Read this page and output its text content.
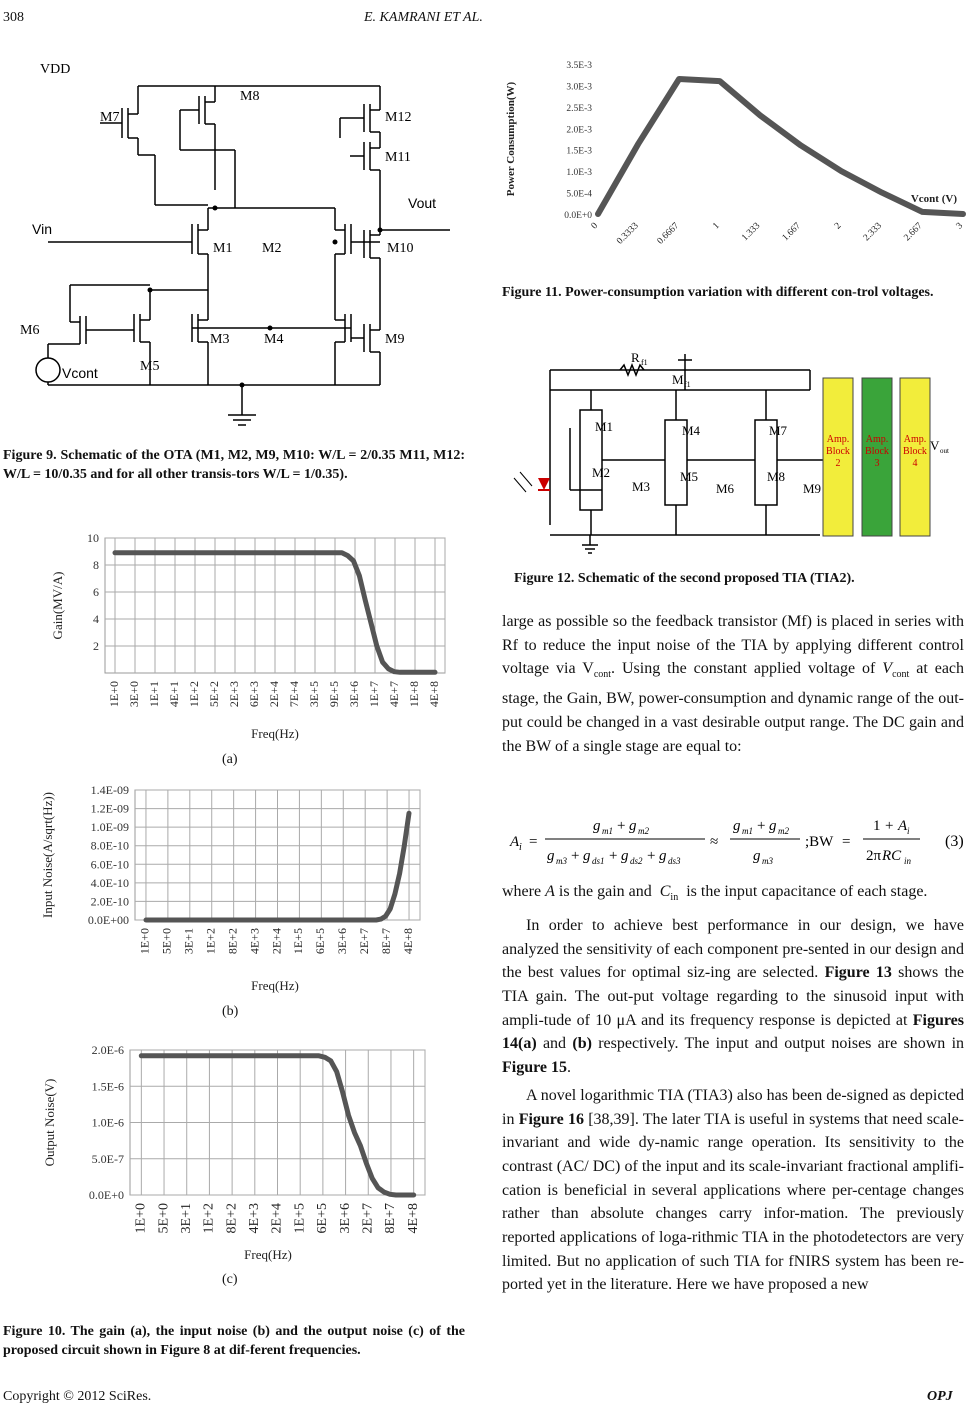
308	E. KAMRANI ET AL.
VDD
M7
M8
M12
M11
Vout
Vin
M1 M2	M10
M6
M3 M4	M9
M5
Vcont
Figure 9. Schematic of the OTA (M1, M2, M9, M10: W/L = 2/0.35 M11, M12: W/L = 10/0.35 and for all other transis-tors W/L = 1/0.35).
2
4
6
8
10
1E+0 3E+0 1E+1 4E+1 1E+2 5E+2 2E+3 6E+3 2E+4 7E+4 3E+5 9E+5 3E+6 1E+7 4E+7 1E+8 4E+8
Gain(MV/A)
Freq(Hz)
(a)
0.0E+00
2.0E-10
4.0E-10
6.0E-10
8.0E-10
1.0E-09
1.2E-09
1.4E-09
1E+0 5E+0 3E+1 1E+2 8E+2 4E+3 2E+4 1E+5 6E+5 3E+6 2E+7 8E+7 4E+8
Input Noise(A/sqrt(Hz))
Freq(Hz)
(b)
0.0E+0
5.0E-7
1.0E-6
1.5E-6
2.0E-6
1E+0 5E+0 3E+1 1E+2 8E+2 4E+3 2E+4 1E+5 6E+5 3E+6 2E+7 8E+7 4E+8
Output Noise(V)
Freq(Hz)
(c)
Figure 10. The gain (a), the input noise (b) and the output noise (c) of the proposed circuit shown in Figure 8 at dif-ferent frequencies.
0.0E+0
5.0E-4
1.0E-3
1.5E-3
2.0E-3
2.5E-3
3.0E-3
3.5E-3
0 0.3333 0.6667	1 1.333 1.667	2 2.333 2.667	3
Power Consumption(W)
Vcont (V)
Figure 11. Power-consumption variation with different con-trol voltages.
R f1
M f1
M1
M2
M3
M4
M5
M6
M7
M8
M9
Amp.
Block
2
Amp.
Block
3
Amp.
Block
4
V out
Figure 12. Schematic of the second proposed TIA (TIA2).

large as possible so the feedback transistor (Mf) is placed in series with Rf to reduce the input noise of the TIA by applying different control voltage via $V_{cont}$. Using the constant applied voltage of $V_{cont}$ at each stage, the Gain, BW, power-consumption and dynamic range of the out-put could be changed in a vast desirable output range. The DC gain and the BW of a single stage are equal to:

A i =
g m1 + g m2
g m3 + g ds1 + g ds2 + g ds3
≈
g m1 + g m2
g m3
;BW =
1 + A i
2π RC in
(3)

where A is the gain and $C_{in}$ is the input capacitance of each stage.

In order to achieve best performance in our design, we have analyzed the sensitivity of each component pre-sented in our design and the best values for optimal siz-ing are selected. Figure 13 shows the TIA gain. The out-put voltage regarding to the sinusoid input with ampli-tude of 10 μA and its frequency response is depicted at Figures 14(a) and (b) respectively. The input and output noises are shown in Figure 15.

A novel logarithmic TIA (TIA3) also has been de-signed as depicted in Figure 16 [38,39]. The later TIA is useful in systems that need scale-invariant and wide dy-namic range operation. Its sensitivity to the contrast (AC/ DC) of the input and its scale-invariant fractional amplifi-cation is beneficial in several applications where per-centage changes rather than absolute changes carry infor-mation. The previously reported applications of loga-rithmic TIA in the photodetectors are very limited. But no application of such TIA for fNIRS system has been re-ported yet in the literature. Here we have proposed a new

Copyright © 2012 SciRes.	OPJ
